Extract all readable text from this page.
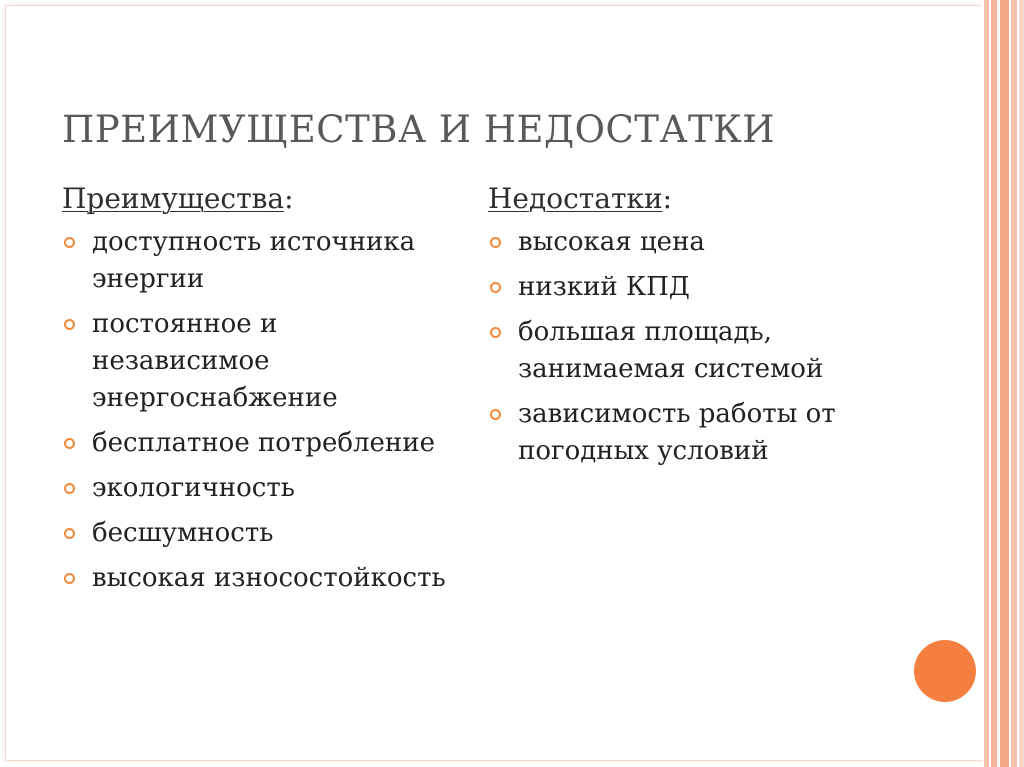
ПРЕИМУЩЕСТВА И НЕДОСТАТКИ
Преимущества:
доступность источника энергии
постоянное и независимое энергоснабжение
бесплатное потребление
экологичность
бесшумность
высокая износостойкость
Недостатки:
высокая цена
низкий КПД
большая площадь, занимаемая системой
зависимость работы от погодных условий
